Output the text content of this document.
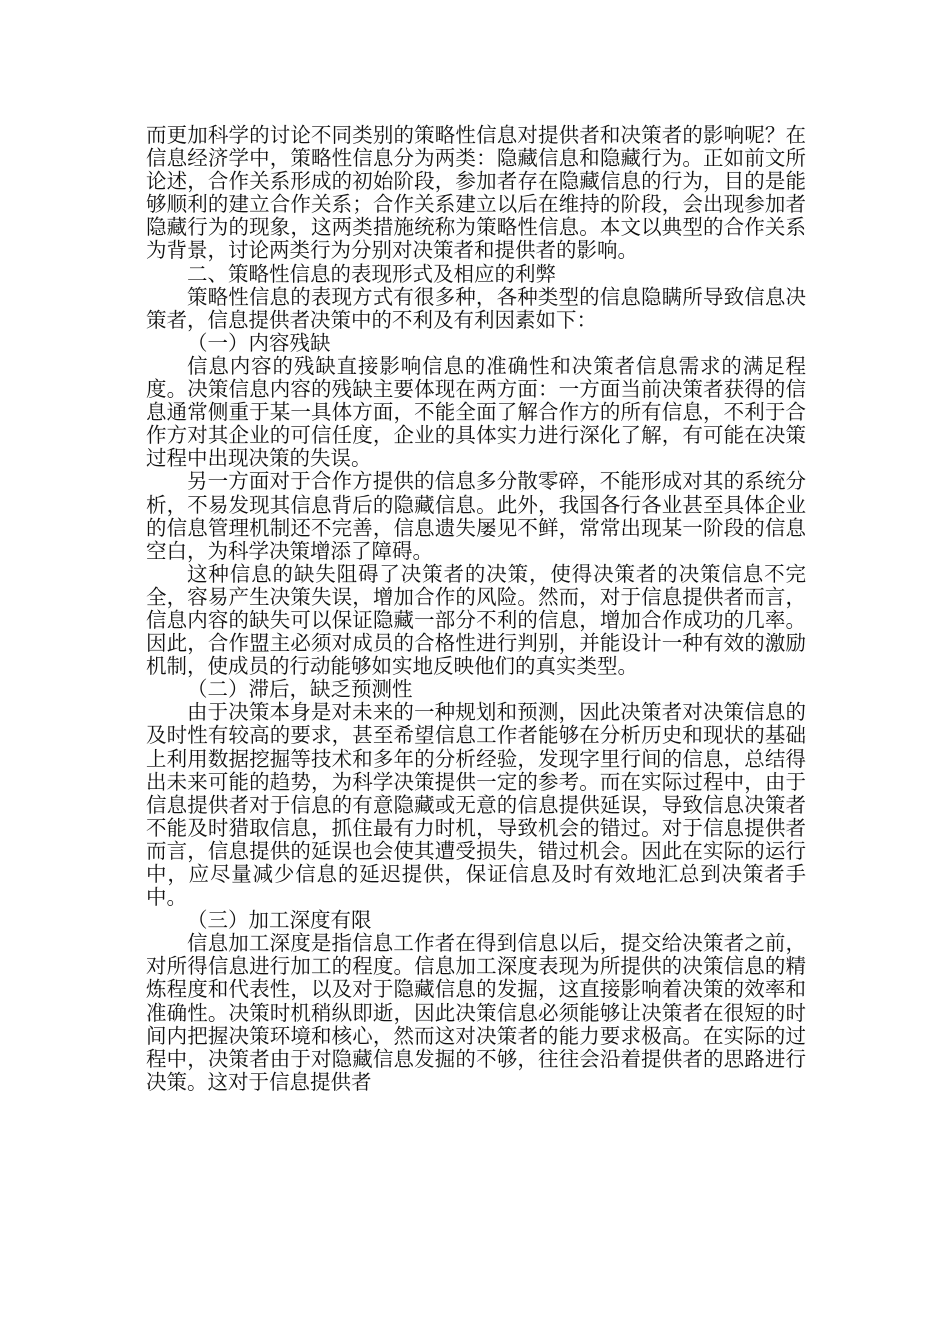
而更加科学的讨论不同类别的策略性信息对提供者和决策者的影响呢？在信息经济学中，策略性信息分为两类：隐藏信息和隐藏行为。正如前文所论述，合作关系形成的初始阶段，参加者存在隐藏信息的行为，目的是能够顺利的建立合作关系；合作关系建立以后在维持的阶段，会出现参加者隐藏行为的现象，这两类措施统称为策略性信息。本文以典型的合作关系为背景，讨论两类行为分别对决策者和提供者的影响。

二、策略性信息的表现形式及相应的利弊

策略性信息的表现方式有很多种，各种类型的信息隐瞒所导致信息决策者，信息提供者决策中的不利及有利因素如下：

（一）内容残缺

信息内容的残缺直接影响信息的准确性和决策者信息需求的满足程度。决策信息内容的残缺主要体现在两方面：一方面当前决策者获得的信息通常侧重于某一具体方面，不能全面了解合作方的所有信息，不利于合作方对其企业的可信任度，企业的具体实力进行深化了解，有可能在决策过程中出现决策的失误。

另一方面对于合作方提供的信息多分散零碎，不能形成对其的系统分析，不易发现其信息背后的隐藏信息。此外，我国各行各业甚至具体企业的信息管理机制还不完善，信息遗失屡见不鲜，常常出现某一阶段的信息空白，为科学决策增添了障碍。

这种信息的缺失阻碍了决策者的决策，使得决策者的决策信息不完全，容易产生决策失误，增加合作的风险。然而，对于信息提供者而言，信息内容的缺失可以保证隐藏一部分不利的信息，增加合作成功的几率。因此，合作盟主必须对成员的合格性进行判别，并能设计一种有效的激励机制，使成员的行动能够如实地反映他们的真实类型。

（二）滞后，缺乏预测性

由于决策本身是对未来的一种规划和预测，因此决策者对决策信息的及时性有较高的要求，甚至希望信息工作者能够在分析历史和现状的基础上利用数据挖掘等技术和多年的分析经验，发现字里行间的信息，总结得出未来可能的趋势，为科学决策提供一定的参考。而在实际过程中，由于信息提供者对于信息的有意隐藏或无意的信息提供延误，导致信息决策者不能及时猎取信息，抓住最有力时机，导致机会的错过。对于信息提供者而言，信息提供的延误也会使其遭受损失，错过机会。因此在实际的运行中，应尽量减少信息的延迟提供，保证信息及时有效地汇总到决策者手中。

（三）加工深度有限

信息加工深度是指信息工作者在得到信息以后，提交给决策者之前，对所得信息进行加工的程度。信息加工深度表现为所提供的决策信息的精炼程度和代表性，以及对于隐藏信息的发掘，这直接影响着决策的效率和准确性。决策时机稍纵即逝，因此决策信息必须能够让决策者在很短的时间内把握决策环境和核心，然而这对决策者的能力要求极高。在实际的过程中，决策者由于对隐藏信息发掘的不够，往往会沿着提供者的思路进行决策。这对于信息提供者
